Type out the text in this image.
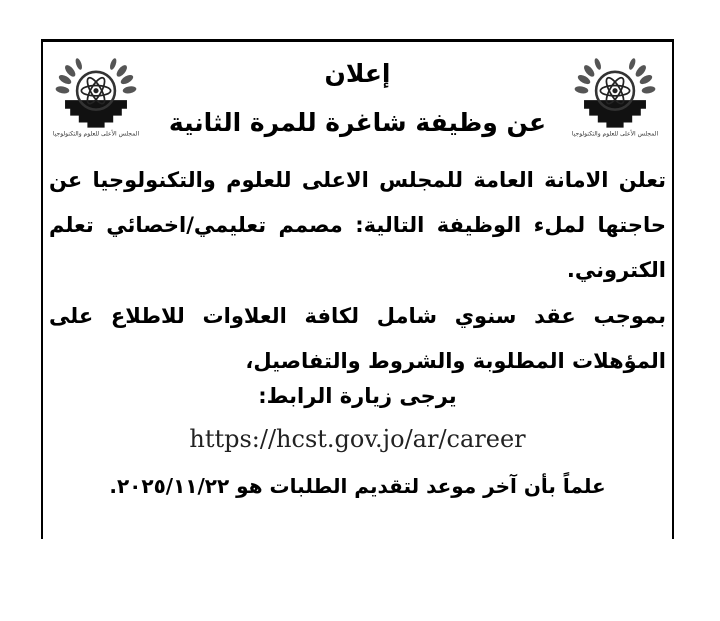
المجلس الأعلى للعلوم والتكنولوجيا	المجلس الأعلى للعلوم والتكنولوجيا
إعلان
عن وظيفة شاغرة للمرة الثانية
تعلن الامانة العامة للمجلس الاعلى للعلوم والتكنولوجيا عن حاجتها لملء الوظيفة التالية: مصمم تعليمي/اخصائي تعلم الكتروني.
بموجب عقد سنوي شامل لكافة العلاوات للاطلاع على المؤهلات المطلوبة والشروط والتفاصيل،
يرجى زيارة الرابط:
https://hcst.gov.jo/ar/career
علماً بأن آخر موعد لتقديم الطلبات هو ٢٠٢٥/١١/٢٢.
